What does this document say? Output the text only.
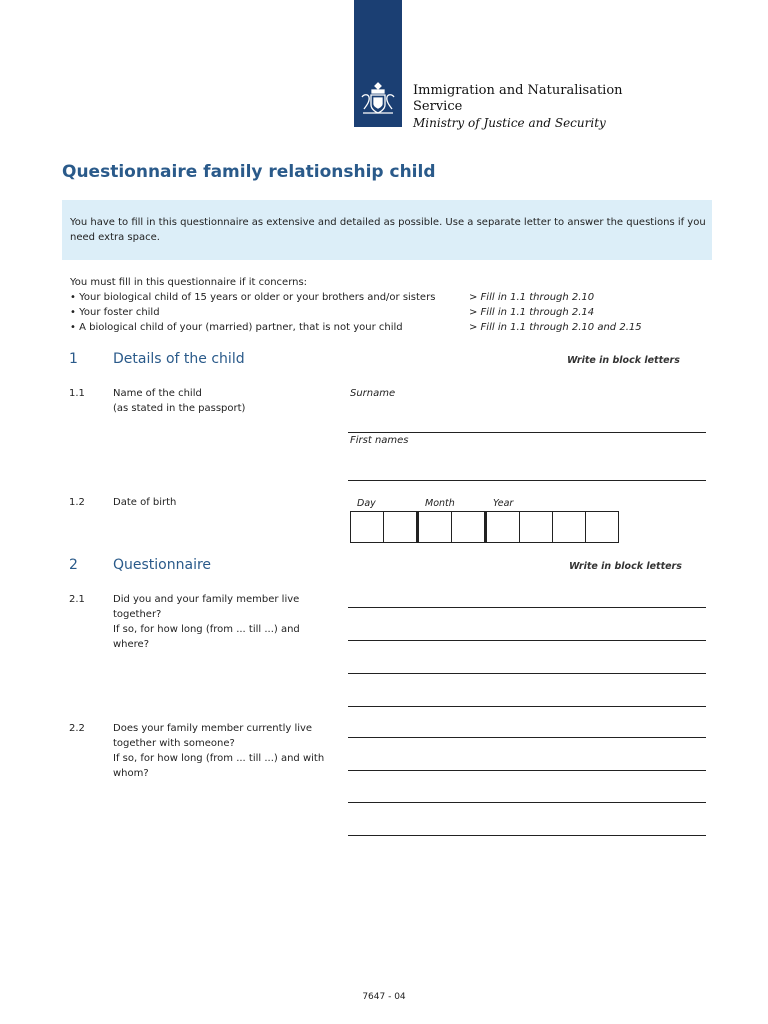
Immigration and Naturalisation
Service
Ministry of Justice and Security
Questionnaire family relationship child
You have to fill in this questionnaire as extensive and detailed as possible. Use a separate letter to answer the questions if you need extra space.
You must fill in this questionnaire if it concerns:
• Your biological child of 15 years or older or your brothers and/or sisters	> Fill in 1.1 through 2.10
• Your foster child	> Fill in 1.1 through 2.14
• A biological child of your (married) partner, that is not your child	> Fill in 1.1 through 2.10 and 2.15
1	Details of the child	Write in block letters
1.1	Name of the child
(as stated in the passport)
Surname
First names
1.2	Date of birth	Day	Month	Year

2	Questionnaire	Write in block letters
2.1	Did you and your family member live
together?
If so, for how long (from ... till ...) and
where?
2.2	Does your family member currently live
together with someone?
If so, for how long (from ... till ...) and with
whom?
7647 - 04
